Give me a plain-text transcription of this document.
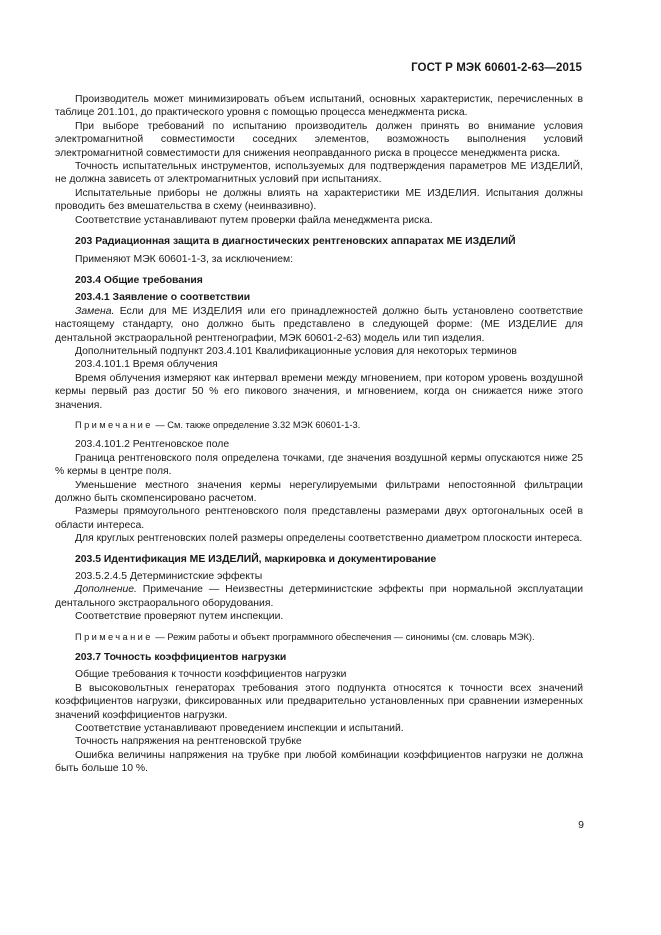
ГОСТ Р МЭК 60601-2-63—2015

Производитель может минимизировать объем испытаний, основных характеристик, перечисленных в таблице 201.101, до практического уровня с помощью процесса менеджмента риска.

При выборе требований по испытанию производитель должен принять во внимание условия электромагнитной совместимости соседних элементов, возможность выполнения условий электромагнитной совместимости для снижения неоправданного риска в процессе менеджмента риска.

Точность испытательных инструментов, используемых для подтверждения параметров МЕ ИЗДЕЛИЙ, не должна зависеть от электромагнитных условий при испытаниях.

Испытательные приборы не должны влиять на характеристики МЕ ИЗДЕЛИЯ. Испытания должны проводить без вмешательства в схему (неинвазивно).

Соответствие устанавливают путем проверки файла менеджмента риска.

203 Радиационная защита в диагностических рентгеновских аппаратах МЕ ИЗДЕЛИЙ

Применяют МЭК 60601-1-3, за исключением:

203.4 Общие требования

203.4.1 Заявление о соответствии

Замена. Если для МЕ ИЗДЕЛИЯ или его принадлежностей должно быть установлено соответствие настоящему стандарту, оно должно быть представлено в следующей форме: (МЕ ИЗДЕЛИЕ для дентальной экстраоральной рентгенографии, МЭК 60601-2-63) модель или тип изделия.

Дополнительный подпункт 203.4.101 Квалификационные условия для некоторых терминов

203.4.101.1 Время облучения

Время облучения измеряют как интервал времени между мгновением, при котором уровень воздушной кермы первый раз достиг 50 % его пикового значения, и мгновением, когда он снижается ниже этого значения.

Примечание — См. также определение 3.32 МЭК 60601-1-3.

203.4.101.2 Рентгеновское поле

Граница рентгеновского поля определена точками, где значения воздушной кермы опускаются ниже 25 % кермы в центре поля.

Уменьшение местного значения кермы нерегулируемыми фильтрами непостоянной фильтрации должно быть скомпенсировано расчетом.

Размеры прямоугольного рентгеновского поля представлены размерами двух ортогональных осей в области интереса.

Для круглых рентгеновских полей размеры определены соответственно диаметром плоскости интереса.

203.5 Идентификация МЕ ИЗДЕЛИЙ, маркировка и документирование

203.5.2.4.5 Детерминистские эффекты

Дополнение. Примечание — Неизвестны детерминистские эффекты при нормальной эксплуатации дентального экстраорального оборудования.

Соответствие проверяют путем инспекции.

Примечание — Режим работы и объект программного обеспечения — синонимы (см. словарь МЭК).

203.7 Точность коэффициентов нагрузки

Общие требования к точности коэффициентов нагрузки

В высоковольтных генераторах требования этого подпункта относятся к точности всех значений коэффициентов нагрузки, фиксированных или предварительно установленных при сравнении измеренных значений коэффициентов нагрузки.

Соответствие устанавливают проведением инспекции и испытаний.

Точность напряжения на рентгеновской трубке

Ошибка величины напряжения на трубке при любой комбинации коэффициентов нагрузки не должна быть больше 10 %.

9
